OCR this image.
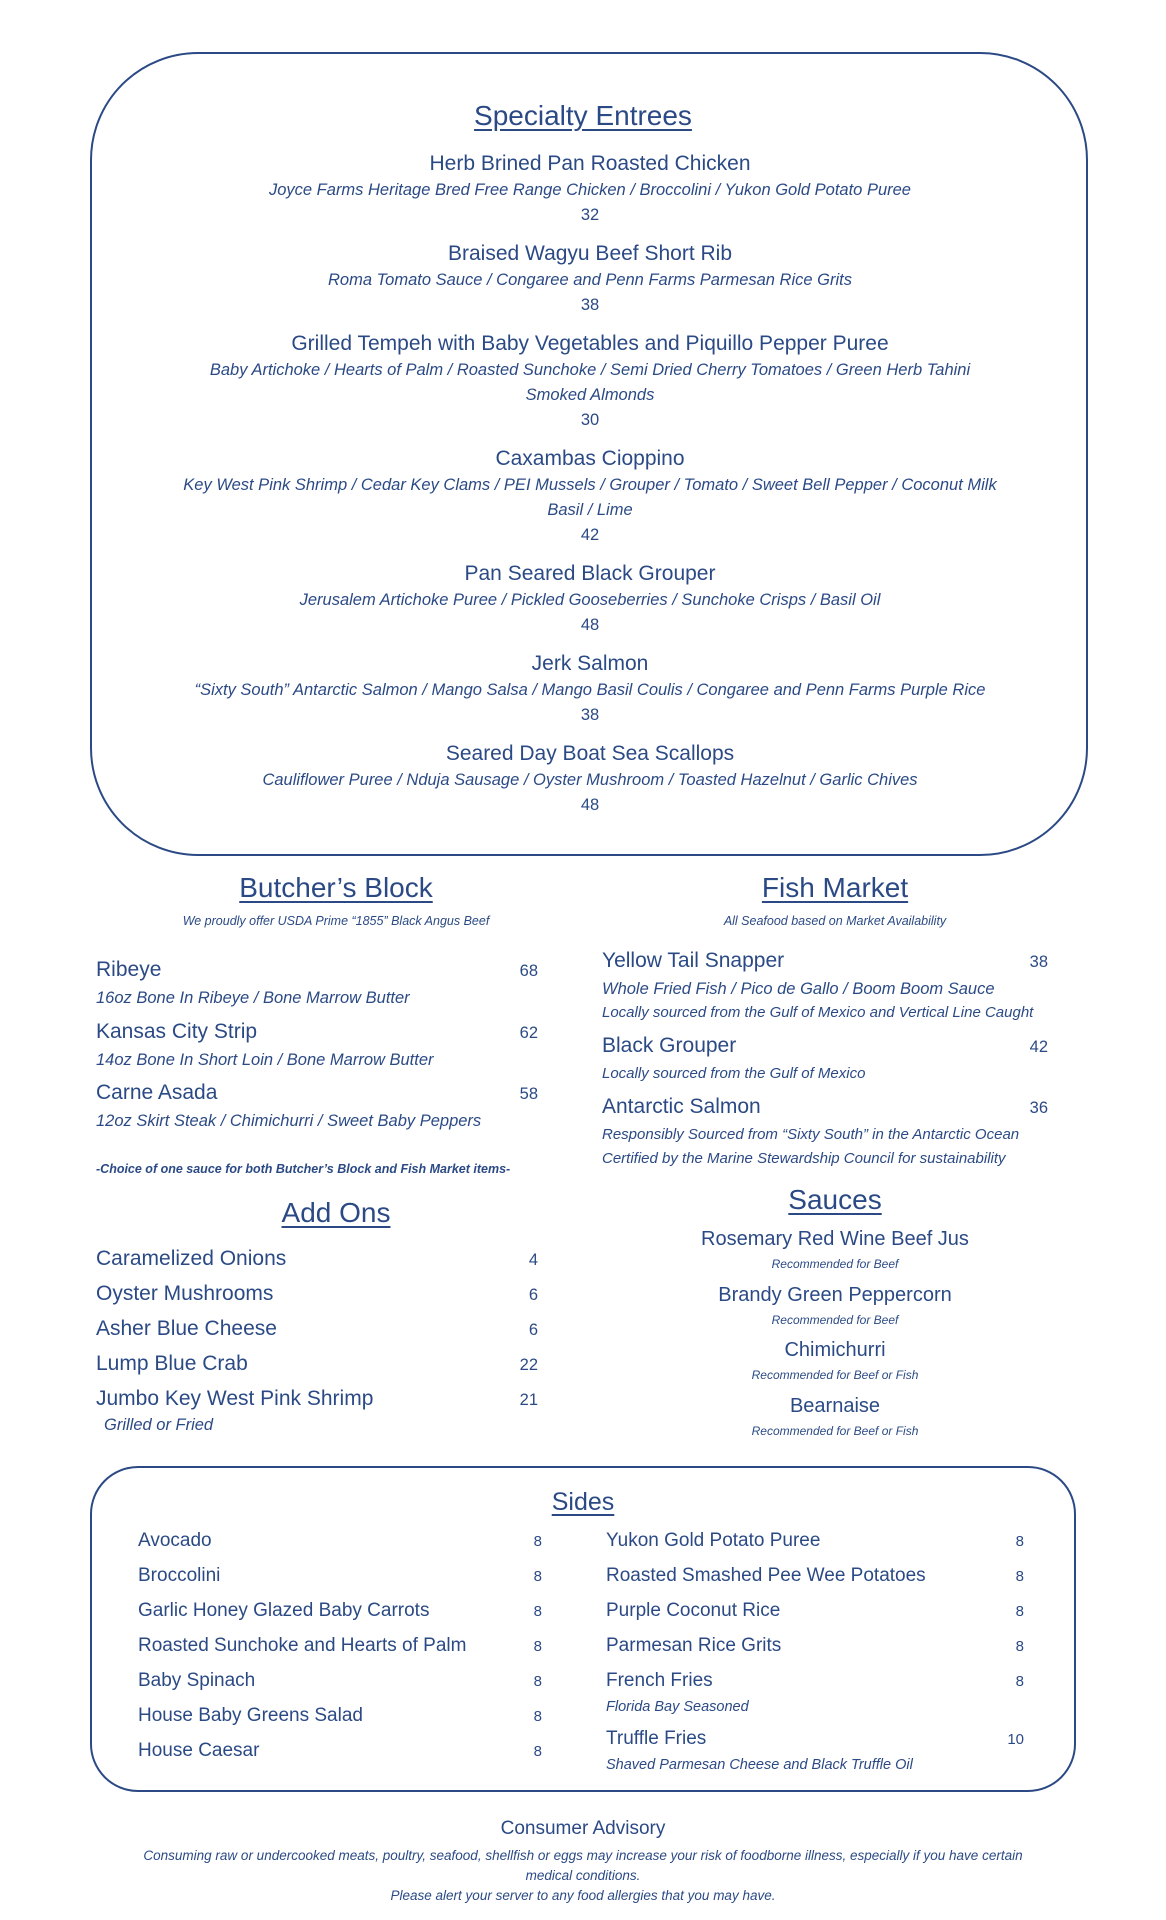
Specialty Entrees
Herb Brined Pan Roasted Chicken
Joyce Farms Heritage Bred Free Range Chicken / Broccolini / Yukon Gold Potato Puree
32
Braised Wagyu Beef Short Rib
Roma Tomato Sauce / Congaree and Penn Farms Parmesan Rice Grits
38
Grilled Tempeh with Baby Vegetables and Piquillo Pepper Puree
Baby Artichoke / Hearts of Palm / Roasted Sunchoke / Semi Dried Cherry Tomatoes / Green Herb Tahini
Smoked Almonds
30
Caxambas Cioppino
Key West Pink Shrimp / Cedar Key Clams / PEI Mussels / Grouper / Tomato / Sweet Bell Pepper / Coconut Milk
Basil / Lime
42
Pan Seared Black Grouper
Jerusalem Artichoke Puree / Pickled Gooseberries / Sunchoke Crisps / Basil Oil
48
Jerk Salmon
“Sixty South” Antarctic Salmon / Mango Salsa / Mango Basil Coulis / Congaree and Penn Farms Purple Rice
38
Seared Day Boat Sea Scallops
Cauliflower Puree / Nduja Sausage / Oyster Mushroom / Toasted Hazelnut / Garlic Chives
48
Butcher’s Block
We proudly offer USDA Prime “1855” Black Angus Beef
Ribeye	68
16oz Bone In Ribeye / Bone Marrow Butter
Kansas City Strip	62
14oz Bone In Short Loin / Bone Marrow Butter
Carne Asada	58
12oz Skirt Steak / Chimichurri / Sweet Baby Peppers
-Choice of one sauce for both Butcher’s Block and Fish Market items-
Fish Market
All Seafood based on Market Availability
Yellow Tail Snapper	38
Whole Fried Fish / Pico de Gallo / Boom Boom Sauce
Locally sourced from the Gulf of Mexico and Vertical Line Caught
Black Grouper	42
Locally sourced from the Gulf of Mexico
Antarctic Salmon	36
Responsibly Sourced from “Sixty South” in the Antarctic Ocean
Certified by the Marine Stewardship Council for sustainability
Add Ons
Caramelized Onions	4
Oyster Mushrooms	6
Asher Blue Cheese	6
Lump Blue Crab	22
Jumbo Key West Pink Shrimp	21
Grilled or Fried
Sauces
Rosemary Red Wine Beef Jus
Recommended for Beef
Brandy Green Peppercorn
Recommended for Beef
Chimichurri
Recommended for Beef or Fish
Bearnaise
Recommended for Beef or Fish
Sides
Avocado	8
Broccolini	8
Garlic Honey Glazed Baby Carrots	8
Roasted Sunchoke and Hearts of Palm	8
Baby Spinach	8
House Baby Greens Salad	8
House Caesar	8
Yukon Gold Potato Puree	8
Roasted Smashed Pee Wee Potatoes	8
Purple Coconut Rice	8
Parmesan Rice Grits	8
French Fries	8
Florida Bay Seasoned
Truffle Fries	10
Shaved Parmesan Cheese and Black Truffle Oil
Consumer Advisory
Consuming raw or undercooked meats, poultry, seafood, shellfish or eggs may increase your risk of foodborne illness, especially if you have certain medical conditions.
Please alert your server to any food allergies that you may have.
